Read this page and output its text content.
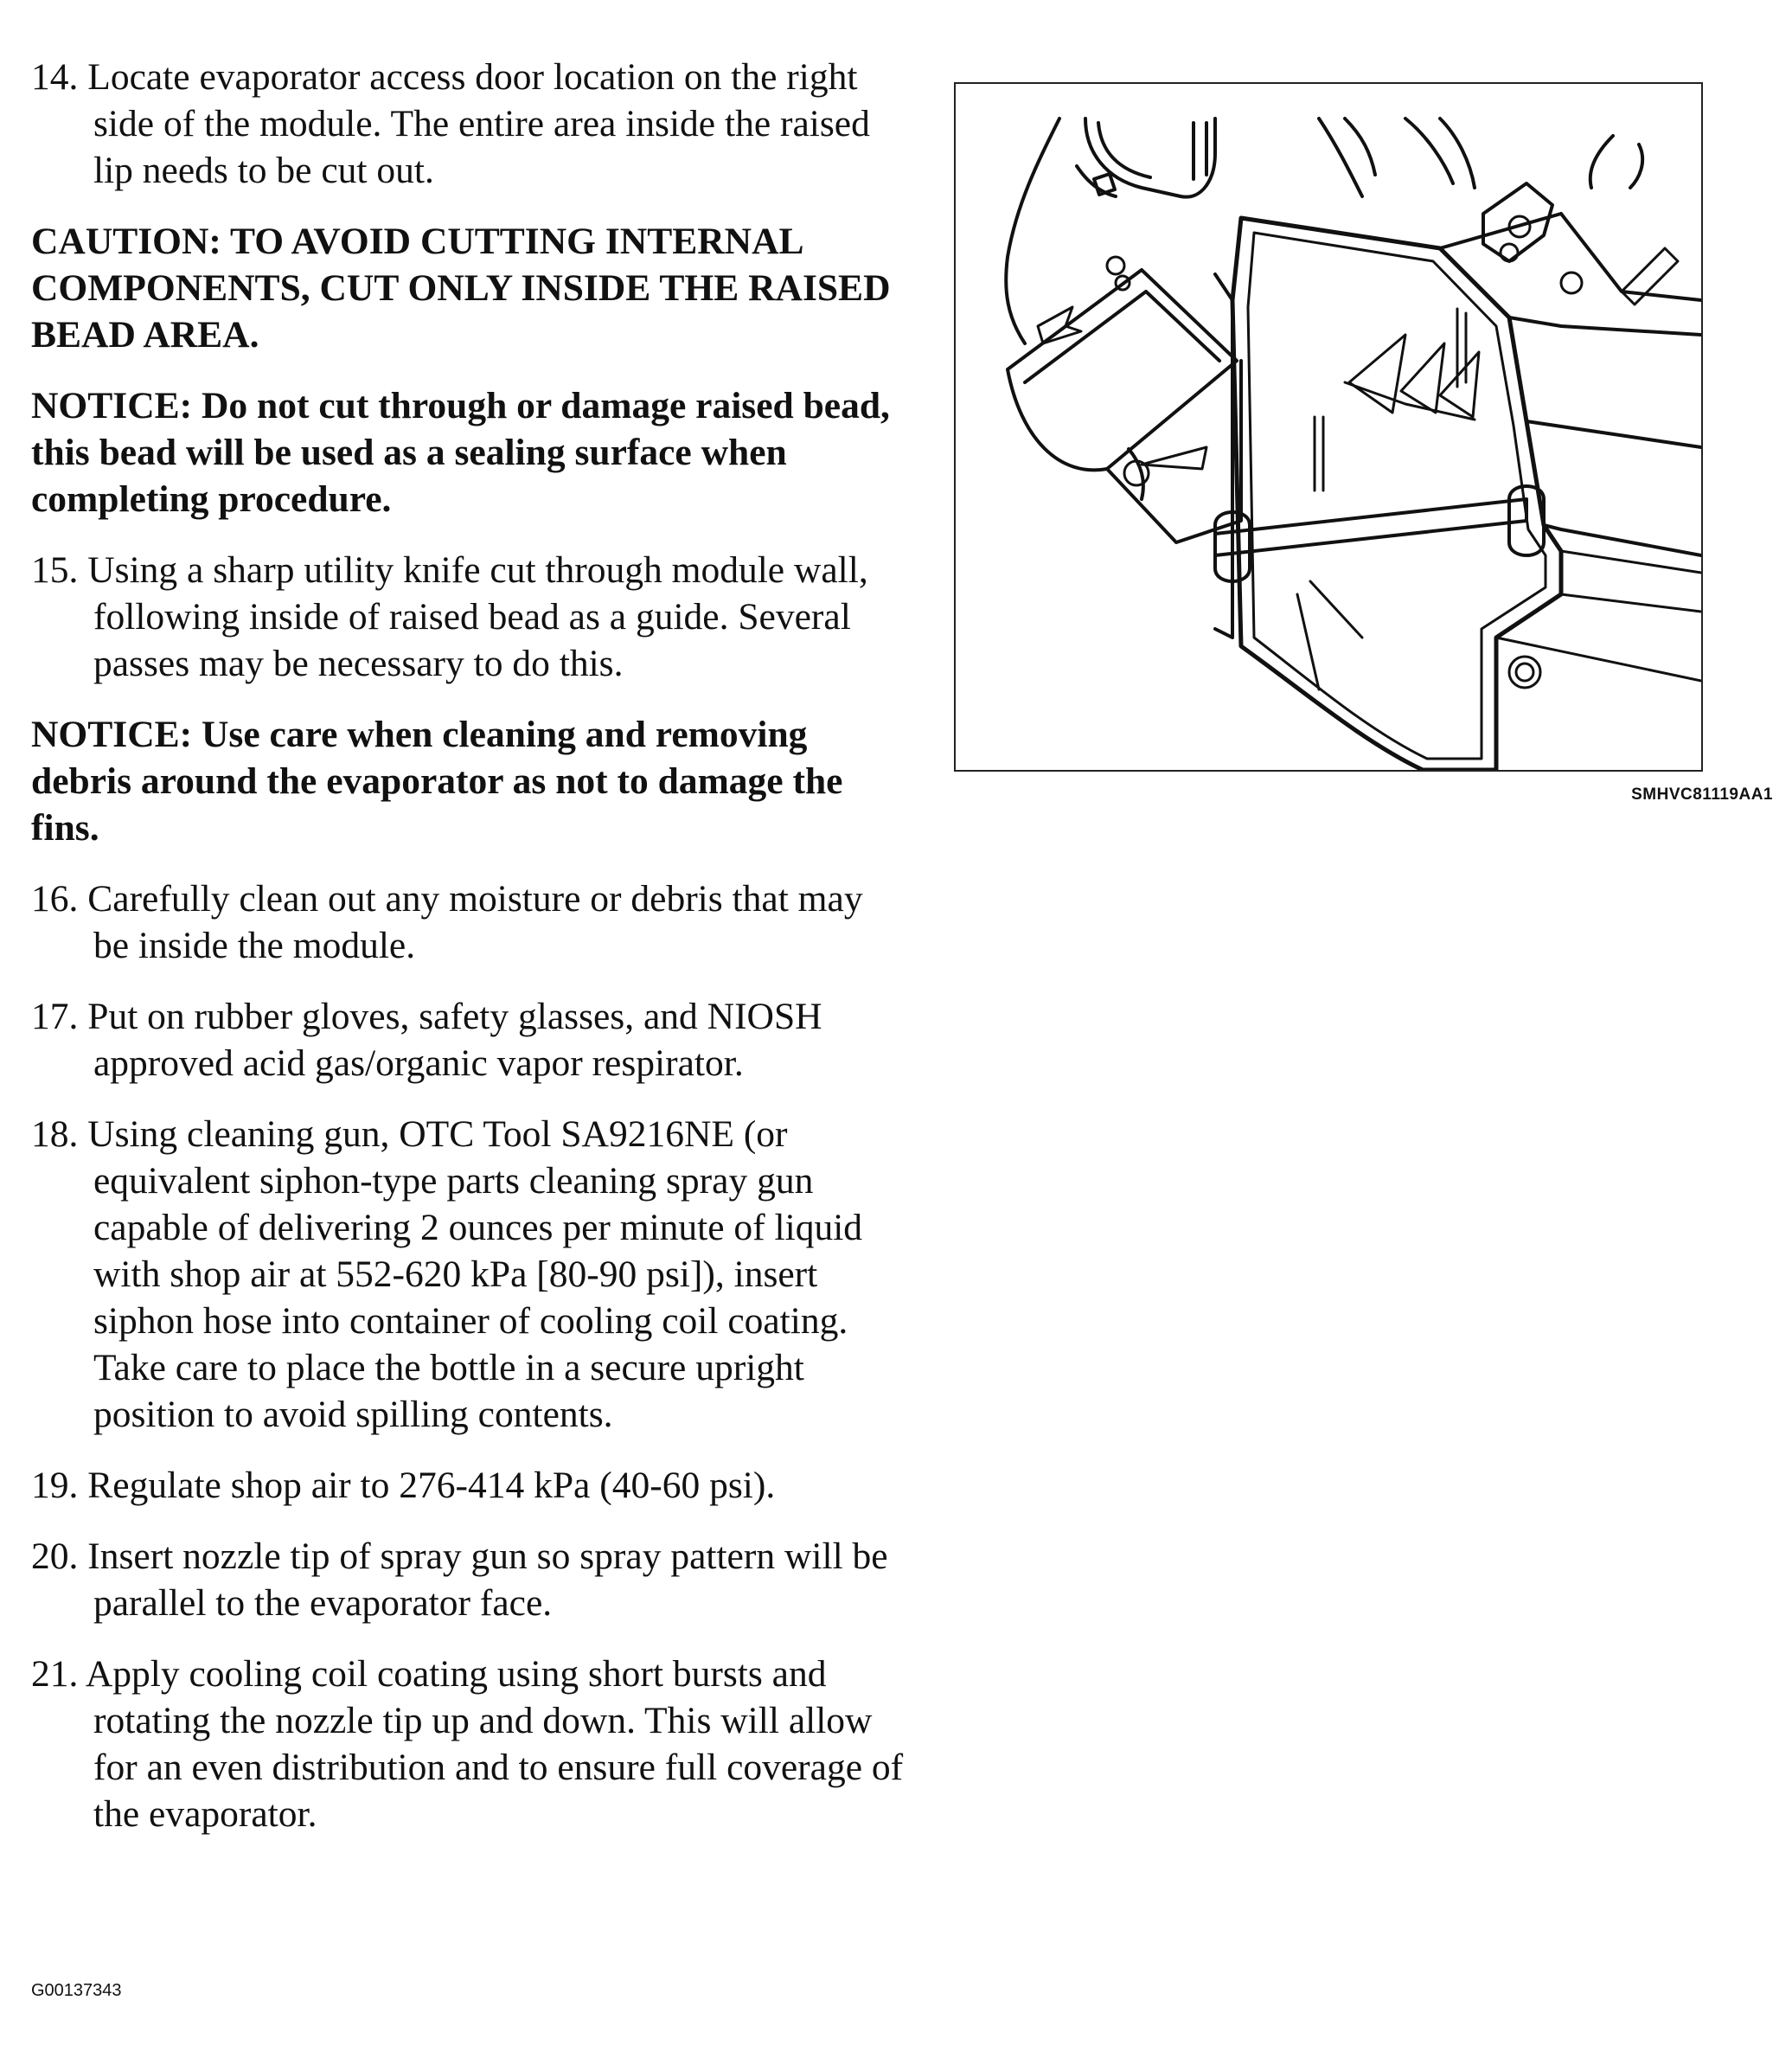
14. Locate evaporator access door location on the right side of the module. The entire area inside the raised lip needs to be cut out.

CAUTION: TO AVOID CUTTING INTERNAL COMPONENTS, CUT ONLY INSIDE THE RAISED BEAD AREA.

NOTICE: Do not cut through or damage raised bead, this bead will be used as a sealing surface when completing procedure.

15. Using a sharp utility knife cut through module wall, following inside of raised bead as a guide. Several passes may be necessary to do this.

NOTICE: Use care when cleaning and removing debris around the evaporator as not to damage the fins.

16. Carefully clean out any moisture or debris that may be inside the module.

17. Put on rubber gloves, safety glasses, and NIOSH approved acid gas/organic vapor respirator.

18. Using cleaning gun, OTC Tool SA9216NE (or equivalent siphon-type parts cleaning spray gun capable of delivering 2 ounces per minute of liquid with shop air at 552-620 kPa [80-90 psi]), insert siphon hose into container of cooling coil coating. Take care to place the bottle in a secure upright position to avoid spilling contents.

19. Regulate shop air to 276-414 kPa (40-60 psi).

20. Insert nozzle tip of spray gun so spray pattern will be parallel to the evaporator face.

21. Apply cooling coil coating using short bursts and rotating the nozzle tip up and down. This will allow for an even distribution and to ensure full coverage of the evaporator.

SMHVC81119AA1
G00137343
